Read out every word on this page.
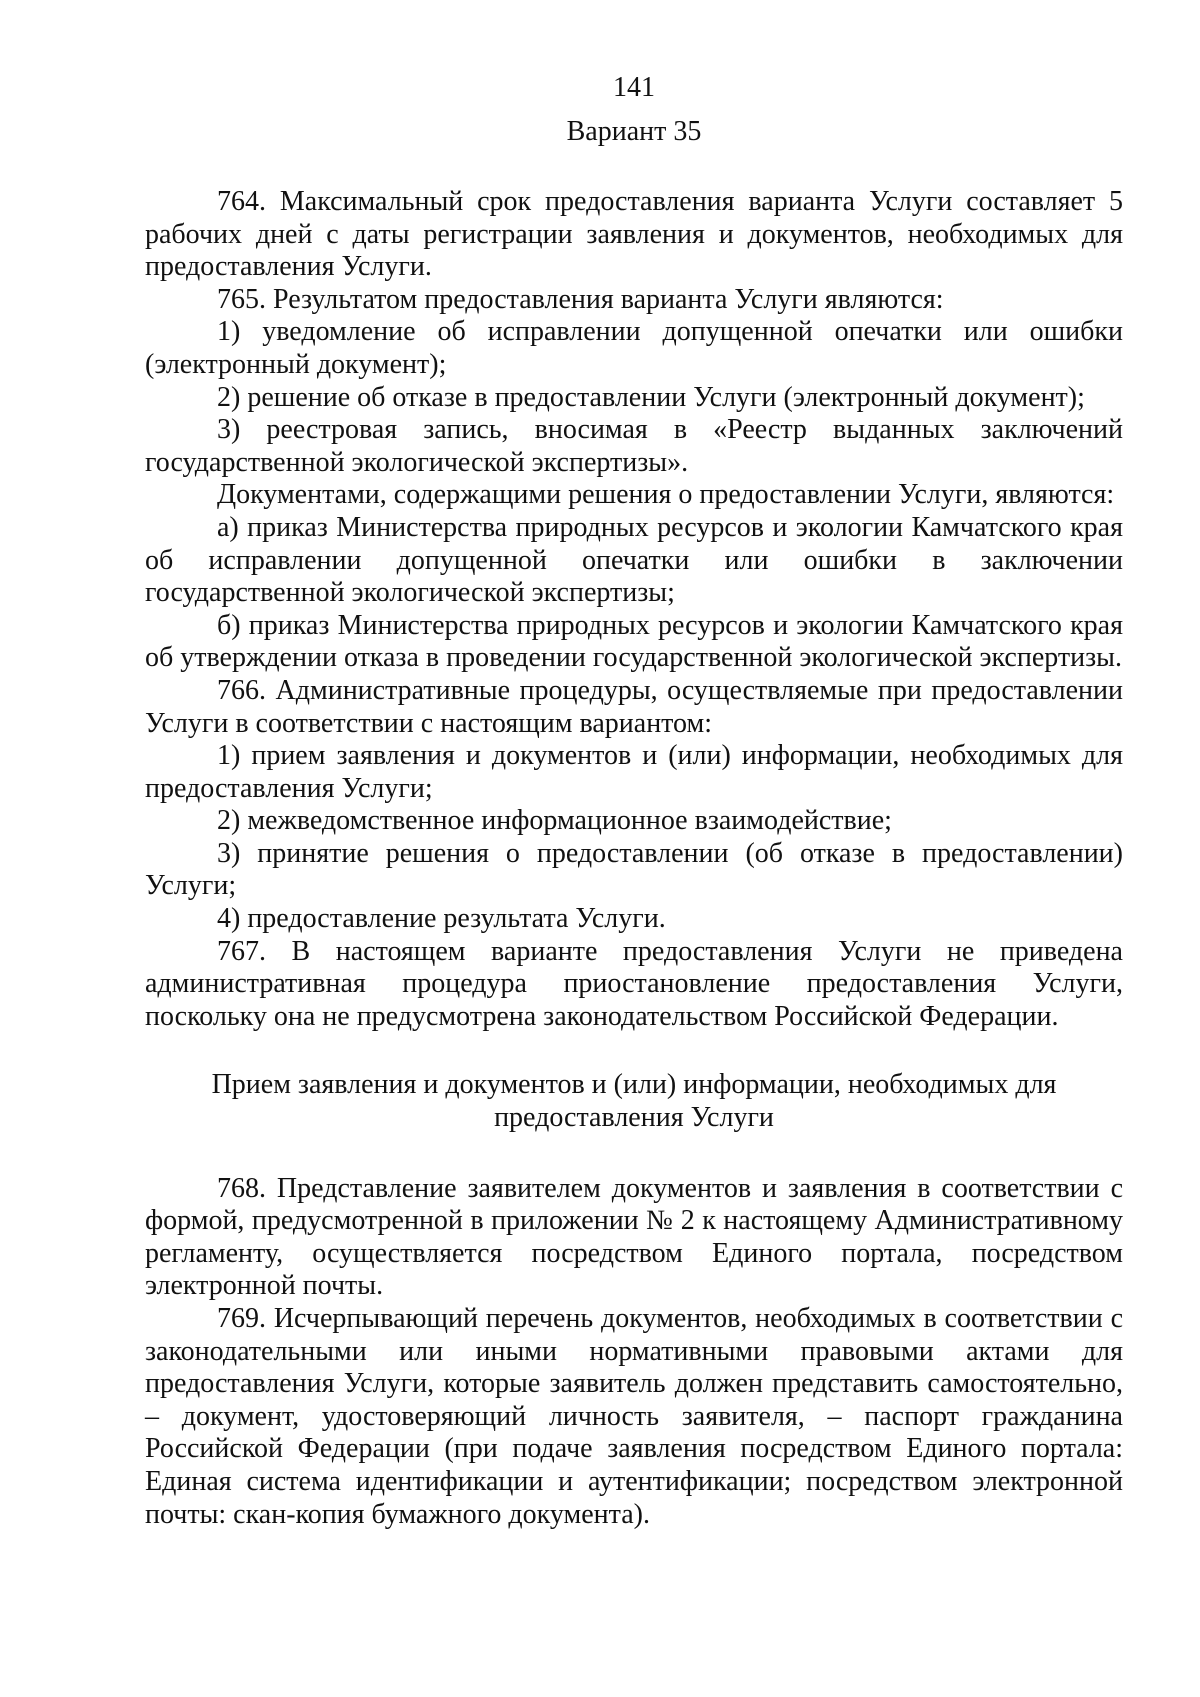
141
Вариант 35

764. Максимальный срок предоставления варианта Услуги составляет 5 рабочих дней с даты регистрации заявления и документов, необходимых для предоставления Услуги.

765. Результатом предоставления варианта Услуги являются:

1) уведомление об исправлении допущенной опечатки или ошибки (электронный документ);

2) решение об отказе в предоставлении Услуги (электронный документ);

3) реестровая запись, вносимая в «Реестр выданных заключений государственной экологической экспертизы».

Документами, содержащими решения о предоставлении Услуги, являются:

а) приказ Министерства природных ресурсов и экологии Камчатского края об исправлении допущенной опечатки или ошибки в заключении государственной экологической экспертизы;

б) приказ Министерства природных ресурсов и экологии Камчатского края об утверждении отказа в проведении государственной экологической экспертизы.

766. Административные процедуры, осуществляемые при предоставлении Услуги в соответствии с настоящим вариантом:

1) прием заявления и документов и (или) информации, необходимых для предоставления Услуги;

2) межведомственное информационное взаимодействие;

3) принятие решения о предоставлении (об отказе в предоставлении) Услуги;

4) предоставление результата Услуги.

767. В настоящем варианте предоставления Услуги не приведена административная процедура приостановление предоставления Услуги, поскольку она не предусмотрена законодательством Российской Федерации.

Прием заявления и документов и (или) информации, необходимых для
предоставления Услуги

768. Представление заявителем документов и заявления в соответствии с формой, предусмотренной в приложении № 2 к настоящему Административному регламенту, осуществляется посредством Единого портала, посредством электронной почты.

769. Исчерпывающий перечень документов, необходимых в соответствии с законодательными или иными нормативными правовыми актами для предоставления Услуги, которые заявитель должен представить самостоятельно, – документ, удостоверяющий личность заявителя, – паспорт гражданина Российской Федерации (при подаче заявления посредством Единого портала: Единая система идентификации и аутентификации; посредством электронной почты: скан-копия бумажного документа).
